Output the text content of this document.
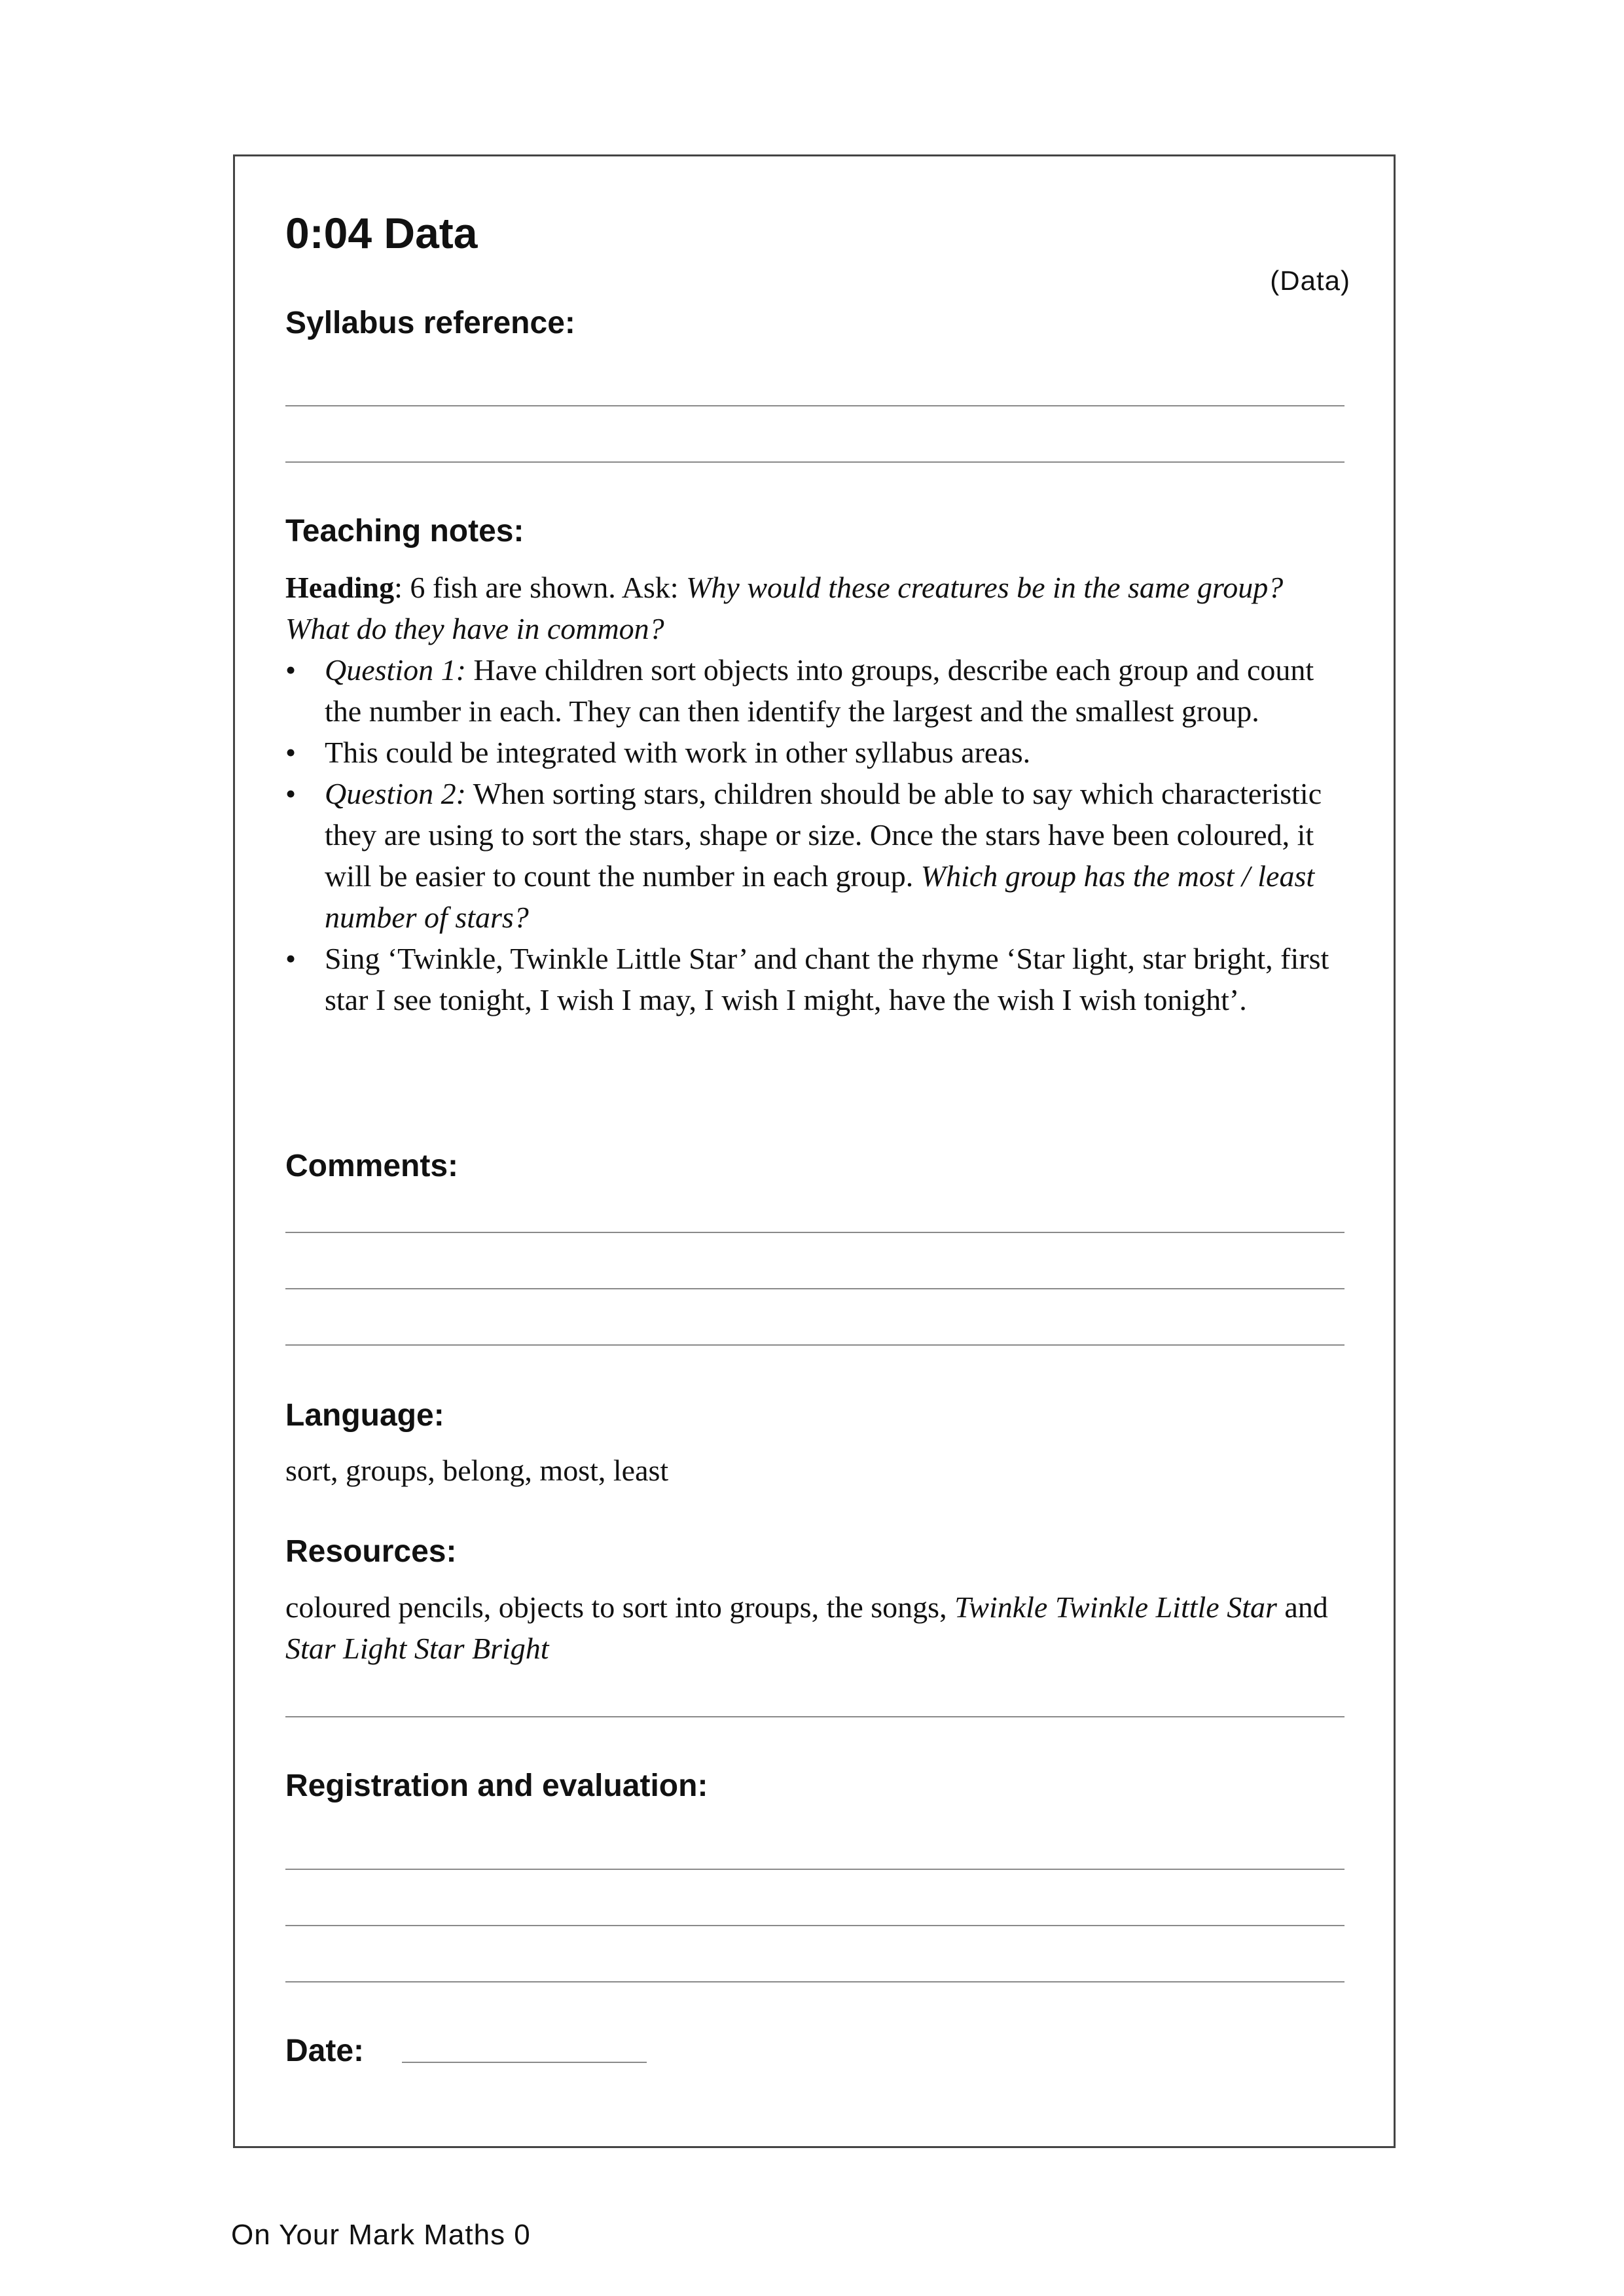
0:04 Data
(Data)
Syllabus reference:
Teaching notes:

Heading: 6 fish are shown. Ask: Why would these creatures be in the same group? What do they have in common?

• Question 1: Have children sort objects into groups, describe each group and count the number in each. They can then identify the largest and the smallest group.
• This could be integrated with work in other syllabus areas.
• Question 2: When sorting stars, children should be able to say which characteristic they are using to sort the stars, shape or size. Once the stars have been coloured, it will be easier to count the number in each group. Which group has the most / least number of stars?
• Sing ‘Twinkle, Twinkle Little Star’ and chant the rhyme ‘Star light, star bright, first star I see tonight, I wish I may, I wish I might, have the wish I wish tonight’.
Comments:
Language:
sort, groups, belong, most, least
Resources:
coloured pencils, objects to sort into groups, the songs, Twinkle Twinkle Little Star and Star Light Star Bright
Registration and evaluation:
Date:
On Your Mark Maths 0
